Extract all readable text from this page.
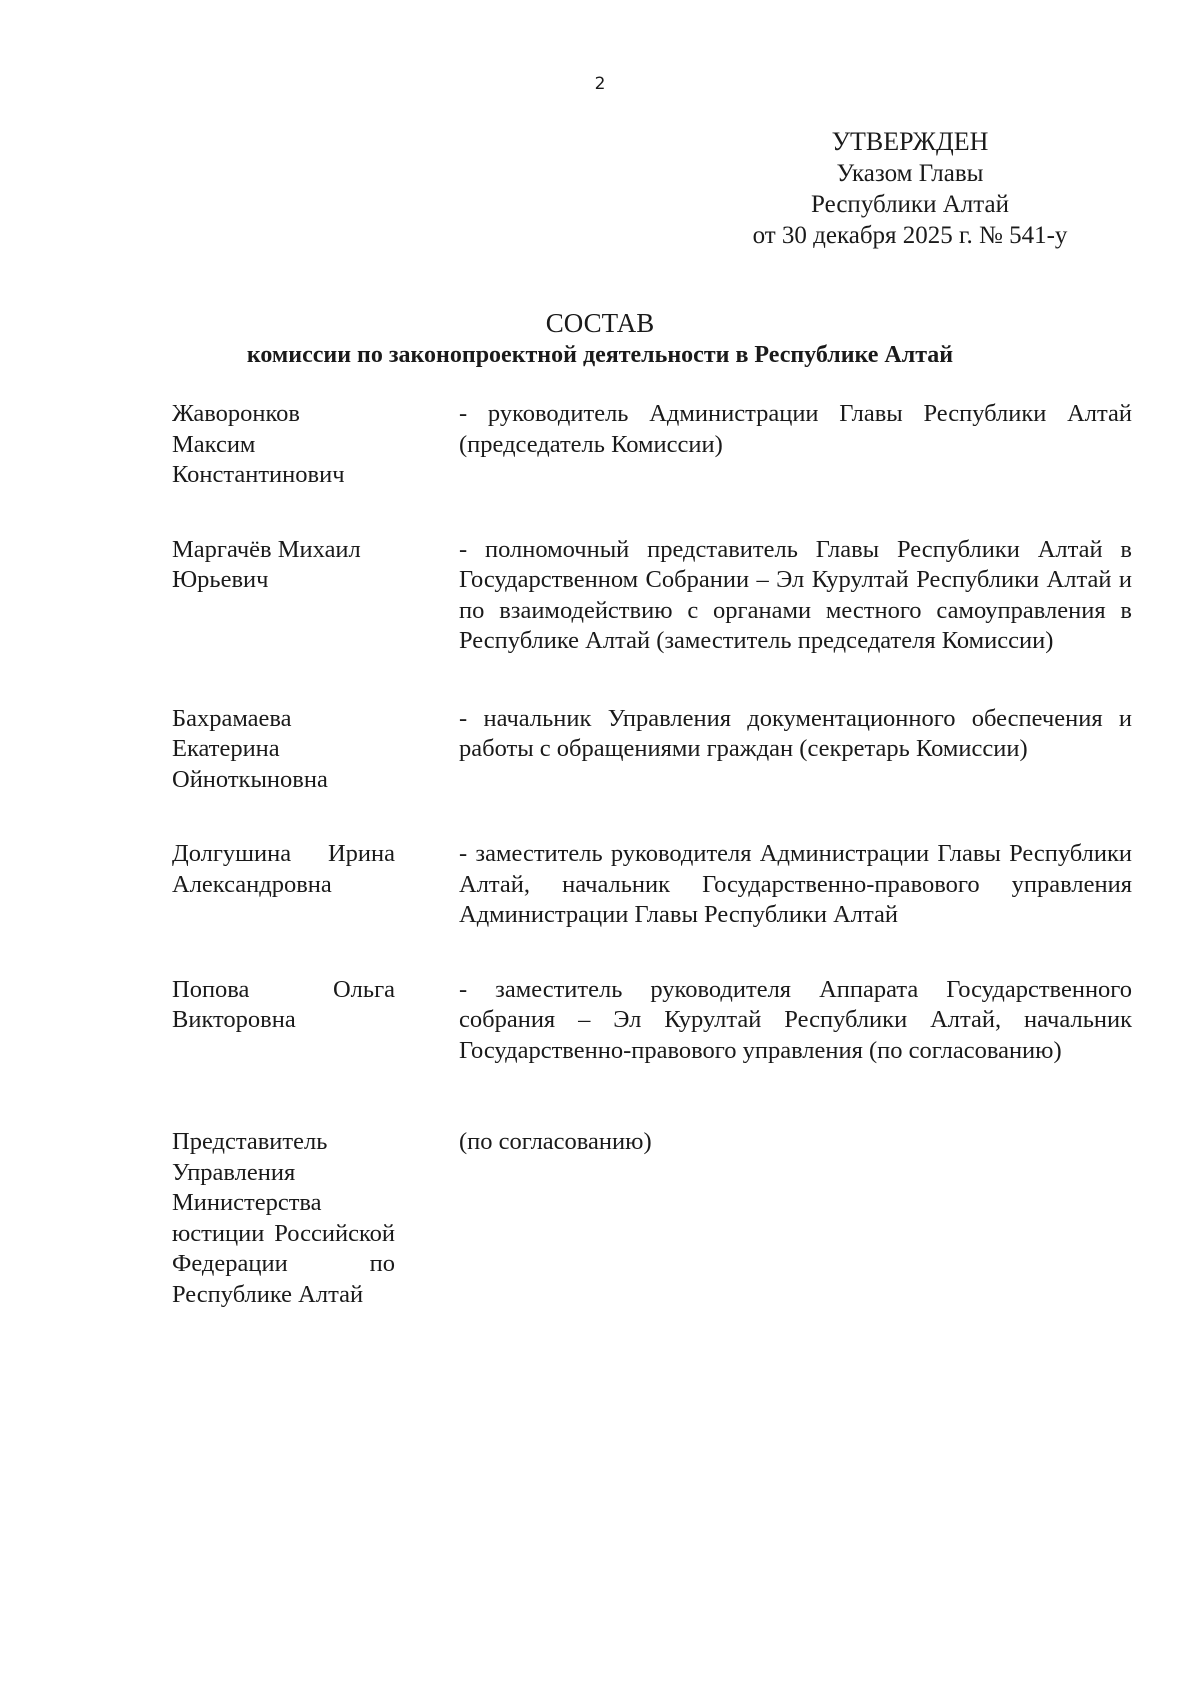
2
УТВЕРЖДЕН
Указом Главы
Республики Алтай
от 30 декабря 2025 г. № 541-у
СОСТАВ
комиссии по законопроектной деятельности в Республике Алтай
Жаворонков Максим Константинович
- руководитель Администрации Главы Республики Алтай (председатель Комиссии)
Маргачёв Михаил Юрьевич
- полномочный представитель Главы Республики Алтай в Государственном Собрании – Эл Курултай Республики Алтай и по взаимодействию с органами местного самоуправления в Республике Алтай (заместитель председателя Комиссии)
Бахрамаева Екатерина Ойноткыновна
- начальник Управления документационного обеспечения и работы с обращениями граждан (секретарь Комиссии)
Долгушина Ирина Александровна
- заместитель руководителя Администрации Главы Республики Алтай, начальник Государственно-правового управления Администрации Главы Республики Алтай
Попова Ольга Викторовна
- заместитель руководителя Аппарата Государственного собрания – Эл Курултай Республики Алтай, начальник Государственно-правового управления (по согласованию)
Представитель Управления Министерства юстиции Российской Федерации по Республике Алтай
(по согласованию)
